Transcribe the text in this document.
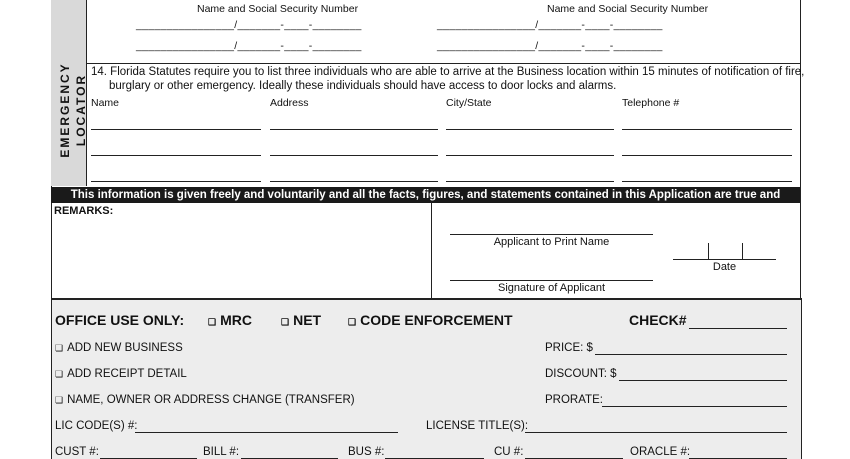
Name and Social Security Number	Name and Social Security Number
________________/_______-____-________	________________/_______-____-________
________________/_______-____-________	________________/_______-____-________
EMERGENCY LOCATOR
14. Florida Statutes require you to list three individuals who are able to arrive at the Business location within 15 minutes of notification of fire,
burglary or other emergency. Ideally these individuals should have access to door locks and alarms.
Name	Address	City/State	Telephone #
This information is given freely and voluntarily and all the facts, figures, and statements contained in this Application are true and correct.
REMARKS:
Applicant to Print Name
Date
Signature of Applicant
OFFICE USE ONLY:	❏ MRC	❏ NET	❏ CODE ENFORCEMENT	CHECK#
❏ ADD NEW BUSINESS
❏ ADD RECEIPT DETAIL
❏ NAME, OWNER OR ADDRESS CHANGE (TRANSFER)
PRICE: $
DISCOUNT: $
PRORATE:
LIC CODE(S) #:	LICENSE TITLE(S):
CUST #:	BILL #:	BUS #:	CU #:	ORACLE #:
